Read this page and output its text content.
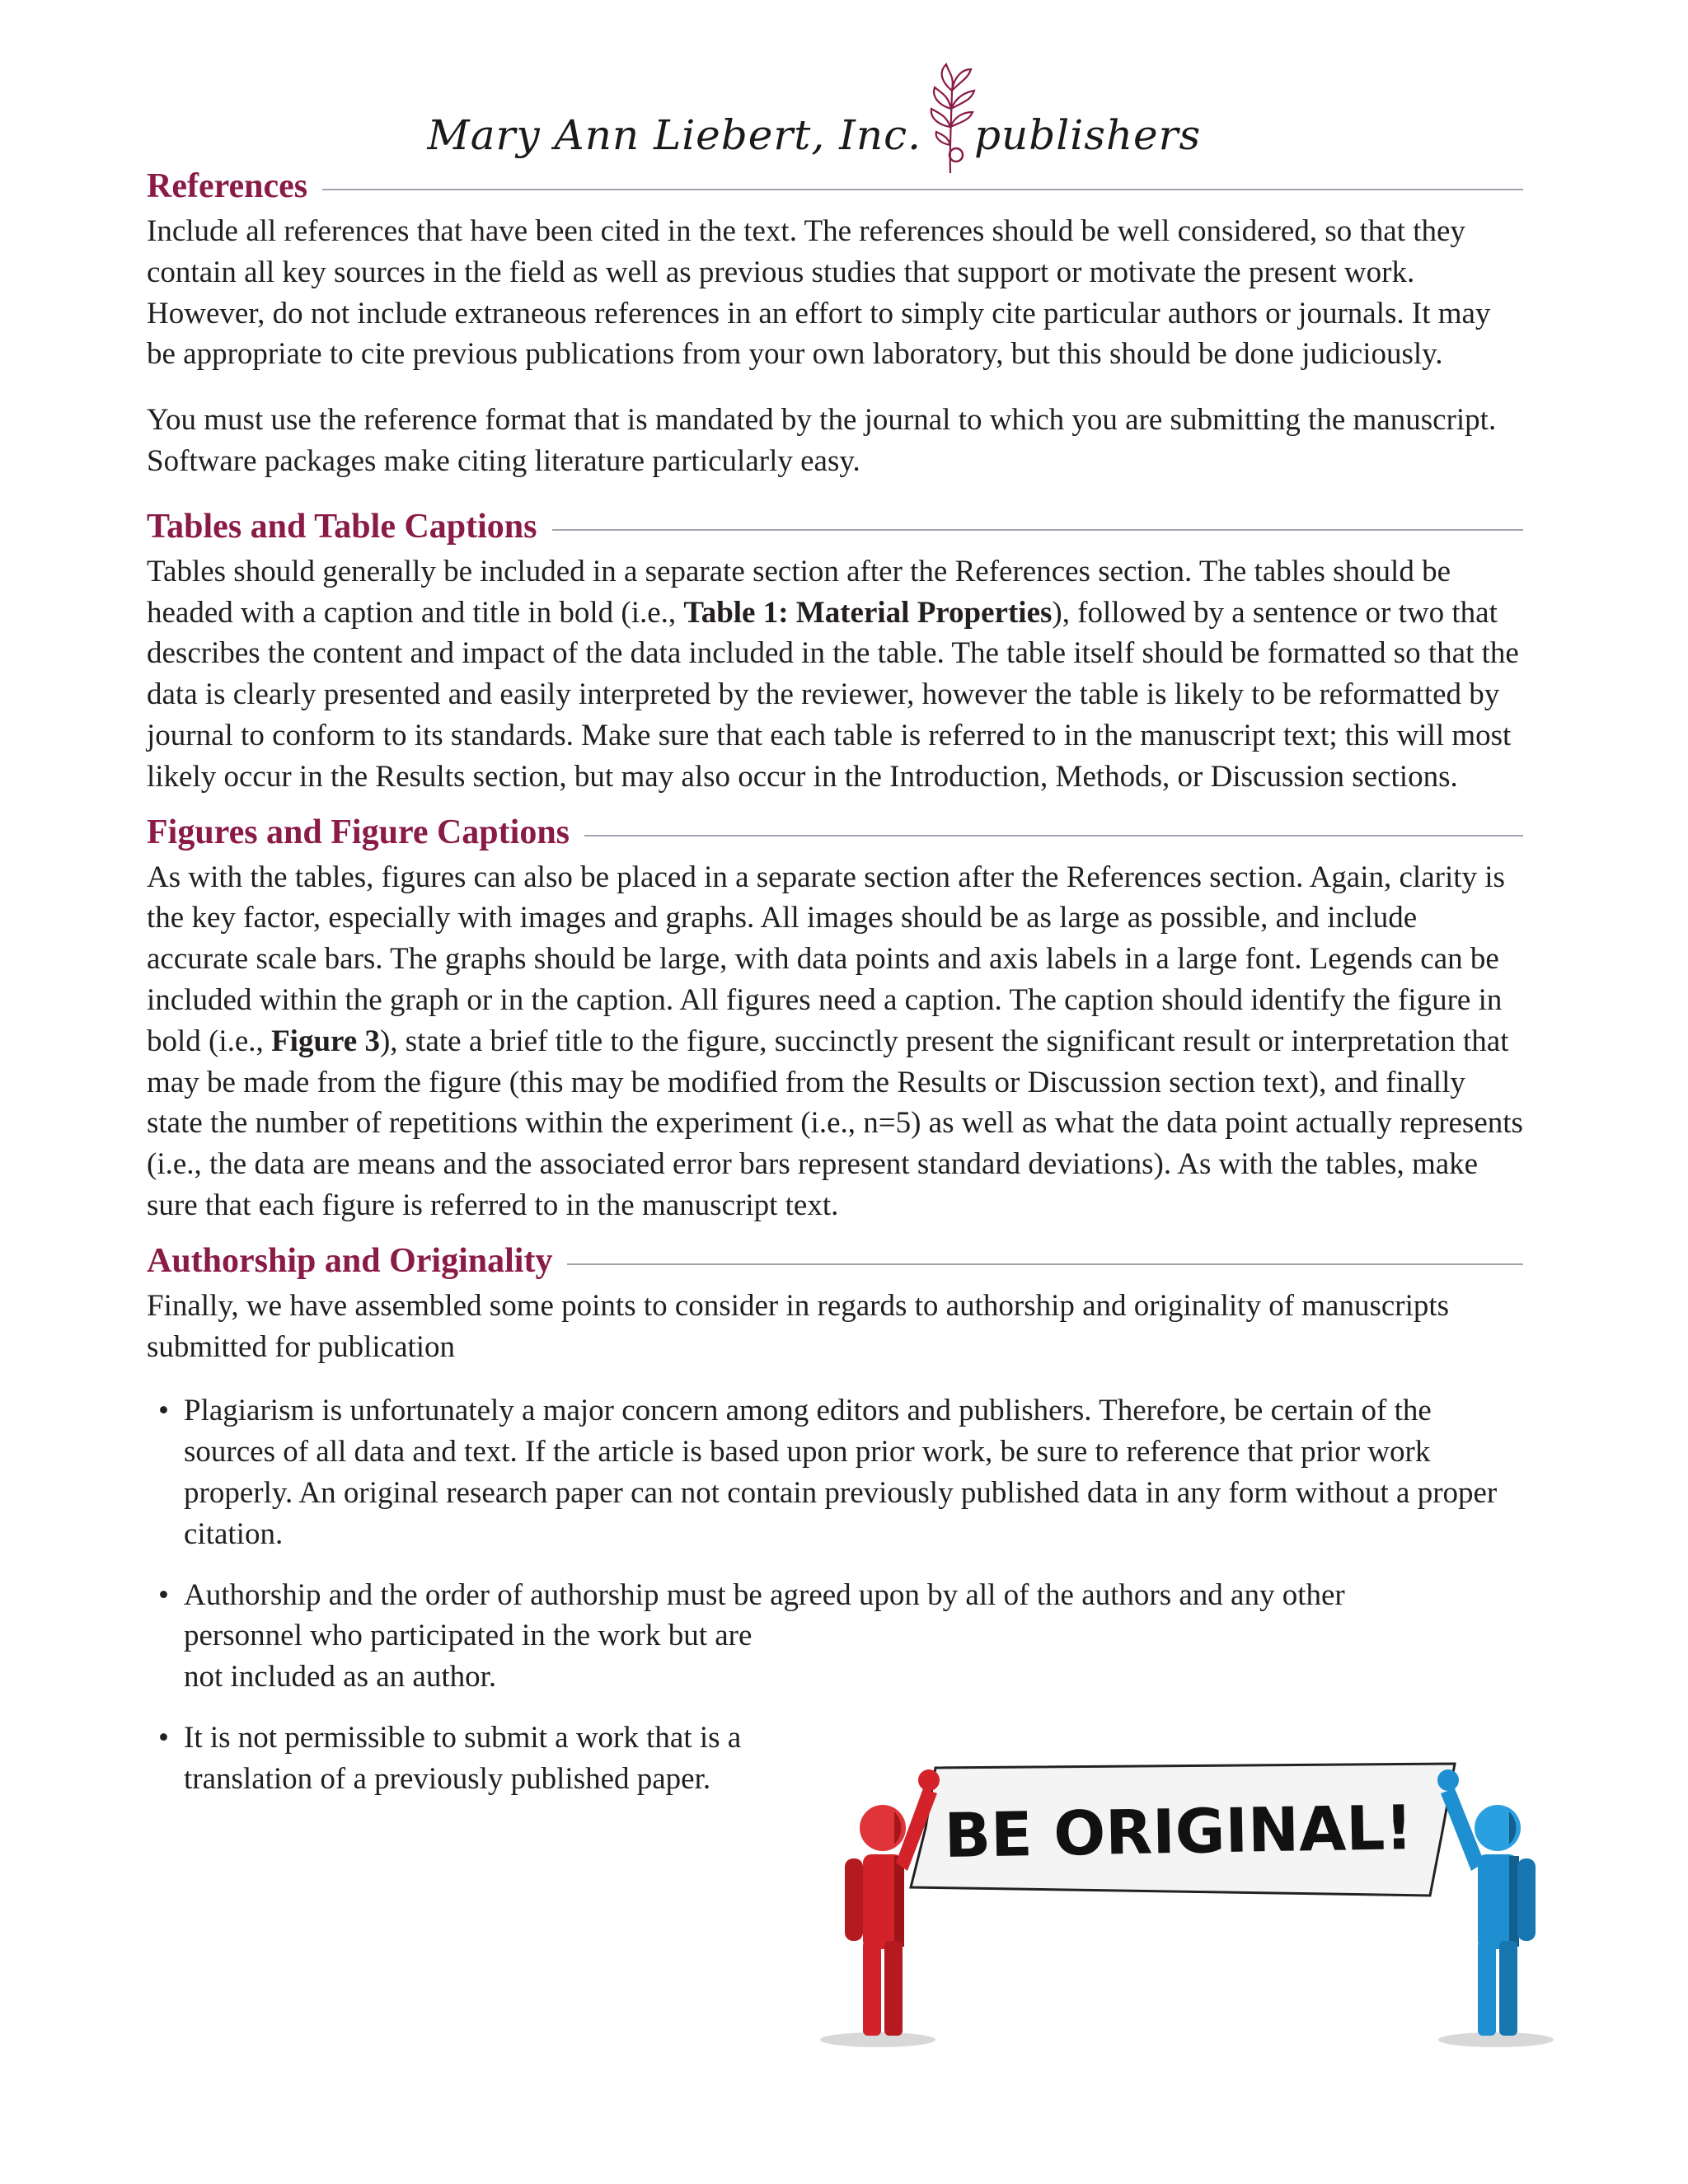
Mary Ann Liebert, Inc. publishers
References

Include all references that have been cited in the text. The references should be well considered, so that they contain all key sources in the field as well as previous studies that support or motivate the present work. However, do not include extraneous references in an effort to simply cite particular authors or journals. It may be appropriate to cite previous publications from your own laboratory, but this should be done judiciously.

You must use the reference format that is mandated by the journal to which you are submitting the manuscript. Software packages make citing literature particularly easy.

Tables and Table Captions

Tables should generally be included in a separate section after the References section. The tables should be headed with a caption and title in bold (i.e., Table 1: Material Properties), followed by a sentence or two that describes the content and impact of the data included in the table. The table itself should be formatted so that the data is clearly presented and easily interpreted by the reviewer, however the table is likely to be reformatted by journal to conform to its standards. Make sure that each table is referred to in the manuscript text; this will most likely occur in the Results section, but may also occur in the Introduction, Methods, or Discussion sections.

Figures and Figure Captions

As with the tables, figures can also be placed in a separate section after the References section. Again, clarity is the key factor, especially with images and graphs. All images should be as large as possible, and include accurate scale bars. The graphs should be large, with data points and axis labels in a large font. Legends can be included within the graph or in the caption. All figures need a caption. The caption should identify the figure in bold (i.e., Figure 3), state a brief title to the figure, succinctly present the significant result or interpretation that may be made from the figure (this may be modified from the Results or Discussion section text), and finally state the number of repetitions within the experiment (i.e., n=5) as well as what the data point actually represents (i.e., the data are means and the associated error bars represent standard deviations). As with the tables, make sure that each figure is referred to in the manuscript text.

Authorship and Originality

Finally, we have assembled some points to consider in regards to authorship and originality of manuscripts submitted for publication

• Plagiarism is unfortunately a major concern among editors and publishers. Therefore, be certain of the sources of all data and text. If the article is based upon prior work, be sure to reference that prior work properly. An original research paper can not contain previously published data in any form without a proper citation.
• Authorship and the order of authorship must be agreed upon by all of the authors and any other
personnel who participated in the work but are
not included as an author.
• It is not permissible to submit a work that is a translation of a previously published paper.
BE ORIGINAL!
